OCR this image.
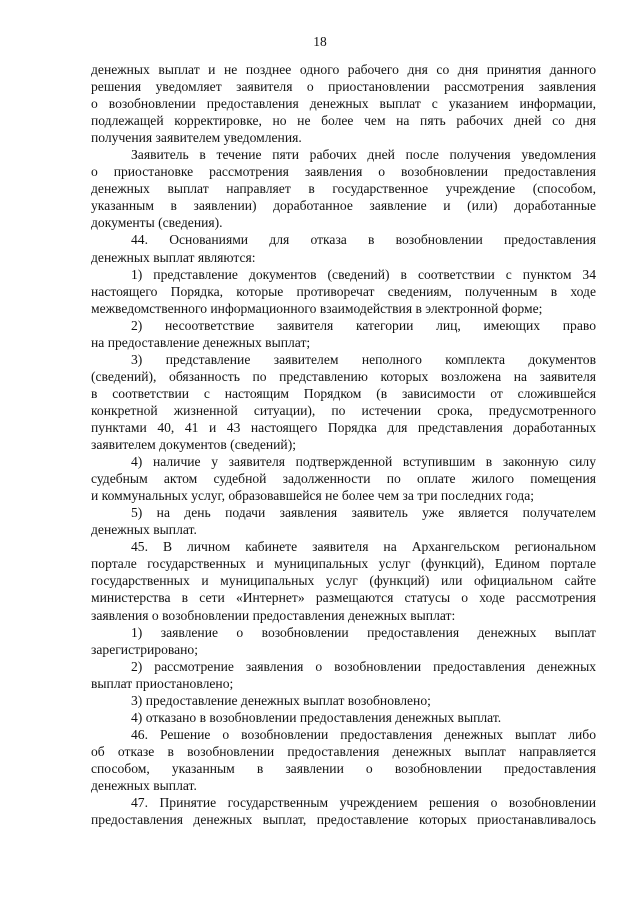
18
денежных выплат и не позднее одного рабочего дня со дня принятия данного
решения уведомляет заявителя о приостановлении рассмотрения заявления
о возобновлении предоставления денежных выплат с указанием информации,
подлежащей корректировке, но не более чем на пять рабочих дней со дня
получения заявителем уведомления.
Заявитель в течение пяти рабочих дней после получения уведомления
о приостановке рассмотрения заявления о возобновлении предоставления
денежных выплат направляет в государственное учреждение (способом,
указанным в заявлении) доработанное заявление и (или) доработанные
документы (сведения).
44. Основаниями для отказа в возобновлении предоставления
денежных выплат являются:
1) представление документов (сведений) в соответствии с пунктом 34
настоящего Порядка, которые противоречат сведениям, полученным в ходе
межведомственного информационного взаимодействия в электронной форме;
2) несоответствие заявителя категории лиц, имеющих право
на предоставление денежных выплат;
3) представление заявителем неполного комплекта документов
(сведений), обязанность по представлению которых возложена на заявителя
в соответствии с настоящим Порядком (в зависимости от сложившейся
конкретной жизненной ситуации), по истечении срока, предусмотренного
пунктами 40, 41 и 43 настоящего Порядка для представления доработанных
заявителем документов (сведений);
4) наличие у заявителя подтвержденной вступившим в законную силу
судебным актом судебной задолженности по оплате жилого помещения
и коммунальных услуг, образовавшейся не более чем за три последних года;
5) на день подачи заявления заявитель уже является получателем
денежных выплат.
45. В личном кабинете заявителя на Архангельском региональном
портале государственных и муниципальных услуг (функций), Едином портале
государственных и муниципальных услуг (функций) или официальном сайте
министерства в сети «Интернет» размещаются статусы о ходе рассмотрения
заявления о возобновлении предоставления денежных выплат:
1) заявление о возобновлении предоставления денежных выплат
зарегистрировано;
2) рассмотрение заявления о возобновлении предоставления денежных
выплат приостановлено;
3) предоставление денежных выплат возобновлено;
4) отказано в возобновлении предоставления денежных выплат.
46. Решение о возобновлении предоставления денежных выплат либо
об отказе в возобновлении предоставления денежных выплат направляется
способом, указанным в заявлении о возобновлении предоставления
денежных выплат.
47. Принятие государственным учреждением решения о возобновлении
предоставления денежных выплат, предоставление которых приостанавливалось
